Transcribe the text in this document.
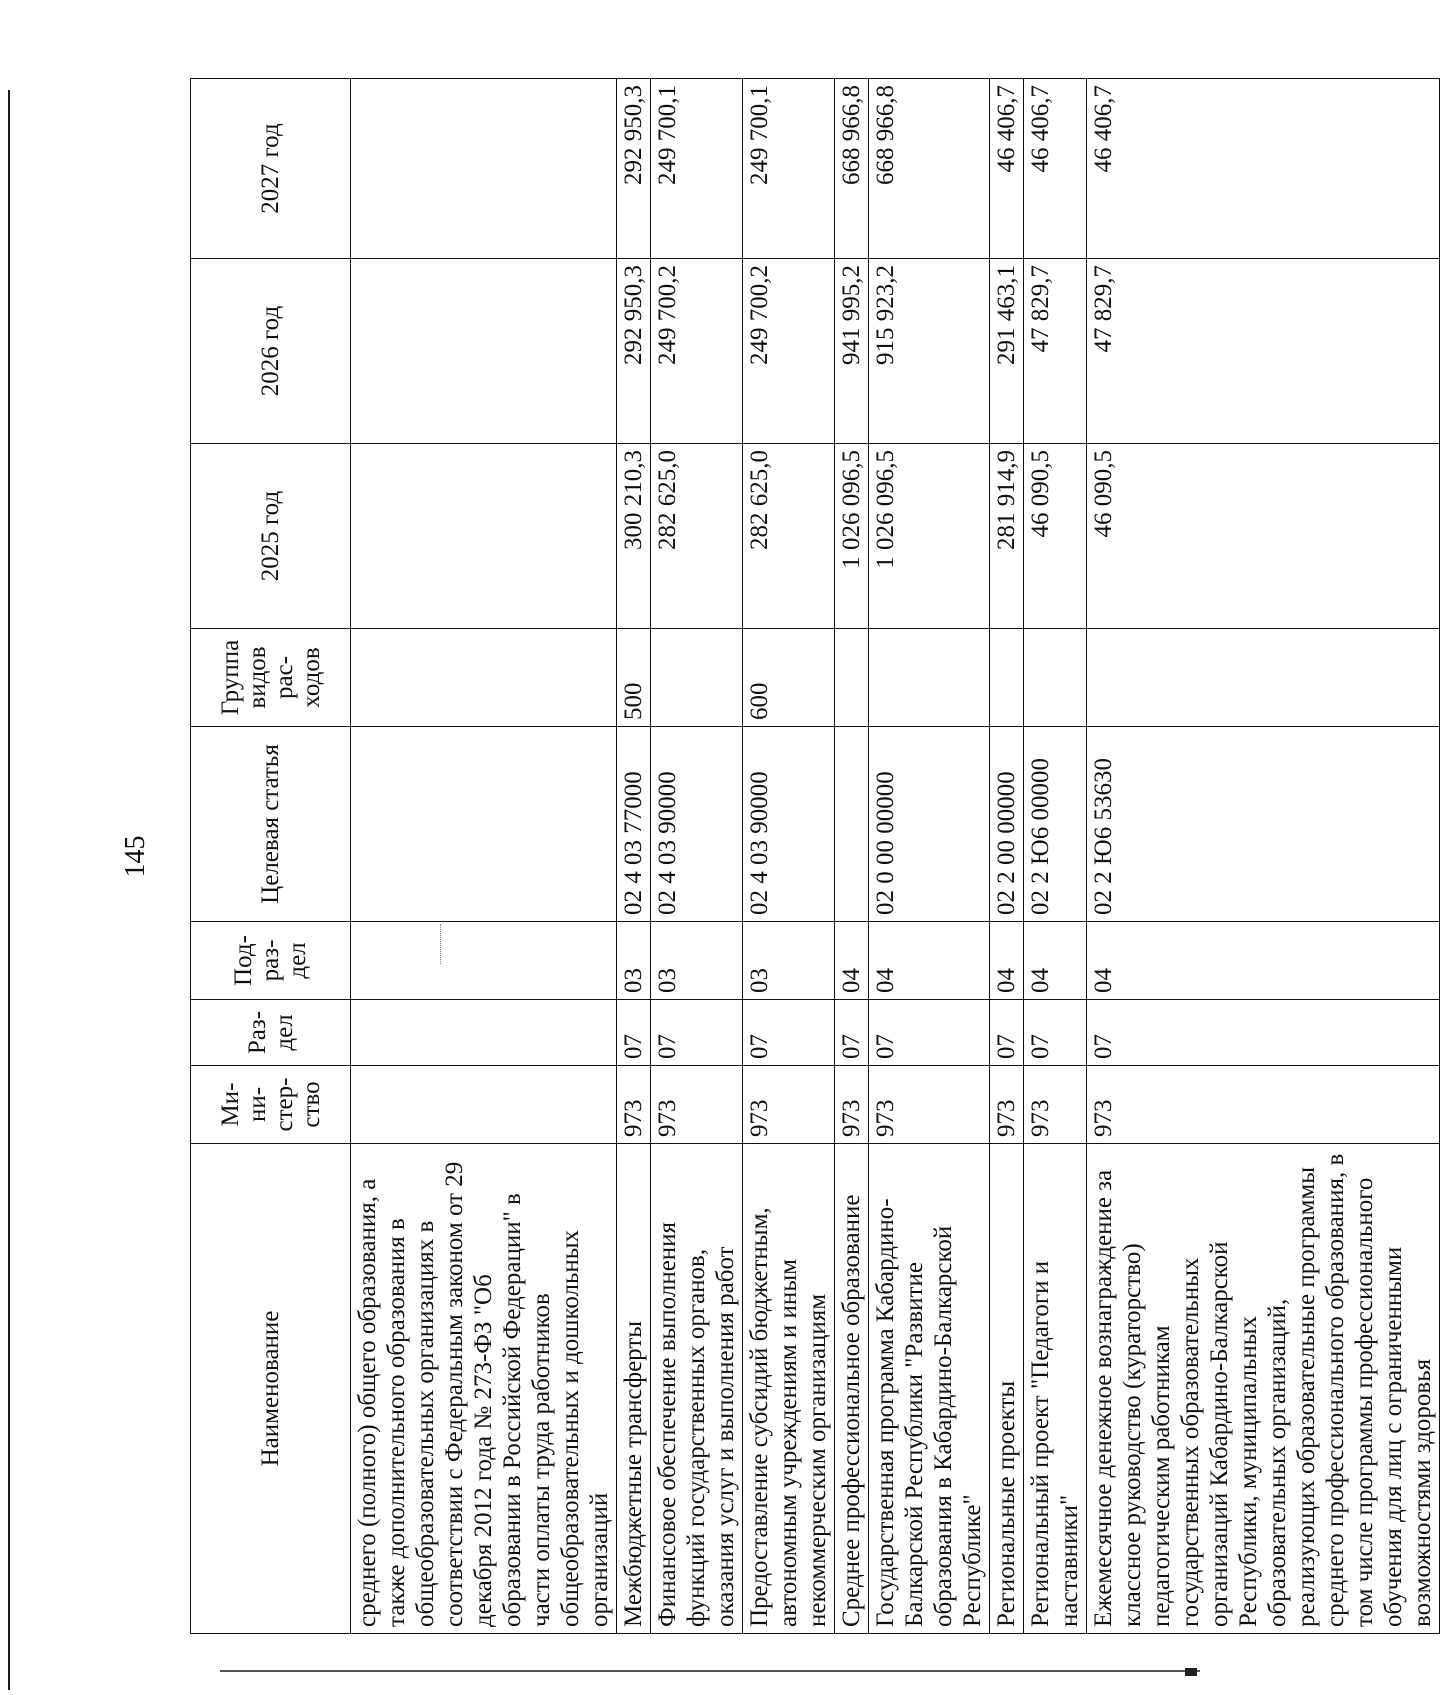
145
Наименование	Ми-ни-стер-ство	Раз-дел	Под-раз-дел	Целевая статья	Группа видов рас-ходов	2025 год	2026 год	2027 год
среднего (полного) общего образования, а также дополнительного образования в общеобразовательных организациях в соответствии с Федеральным законом от 29 декабря 2012 года № 273-ФЗ "Об образовании в Российской Федерации" в части оплаты труда работников общеобразовательных и дошкольных организаций								
Межбюджетные трансферты	973	07	03	02 4 03 77000	500	300 210,3	292 950,3	292 950,3
Финансовое обеспечение выполнения функций государственных органов, оказания услуг и выполнения работ	973	07	03	02 4 03 90000		282 625,0	249 700,2	249 700,1
Предоставление субсидий бюджетным, автономным учреждениям и иным некоммерческим организациям	973	07	03	02 4 03 90000	600	282 625,0	249 700,2	249 700,1
Среднее профессиональное образование	973	07	04			1 026 096,5	941 995,2	668 966,8
Государственная программа Кабардино-Балкарской Республики "Развитие образования в Кабардино-Балкарской Республике"	973	07	04	02 0 00 00000		1 026 096,5	915 923,2	668 966,8
Региональные проекты	973	07	04	02 2 00 00000		281 914,9	291 463,1	46 406,7
Региональный проект "Педагоги и наставники"	973	07	04	02 2 Ю6 00000		46 090,5	47 829,7	46 406,7
Ежемесячное денежное вознаграждение за классное руководство (кураторство) педагогическим работникам государственных образовательных организаций Кабардино-Балкарской Республики, муниципальных образовательных организаций, реализующих образовательные программы среднего профессионального образования, в том числе программы профессионального обучения для лиц с ограниченными возможностями здоровья	973	07	04	02 2 Ю6 53630		46 090,5	47 829,7	46 406,7
